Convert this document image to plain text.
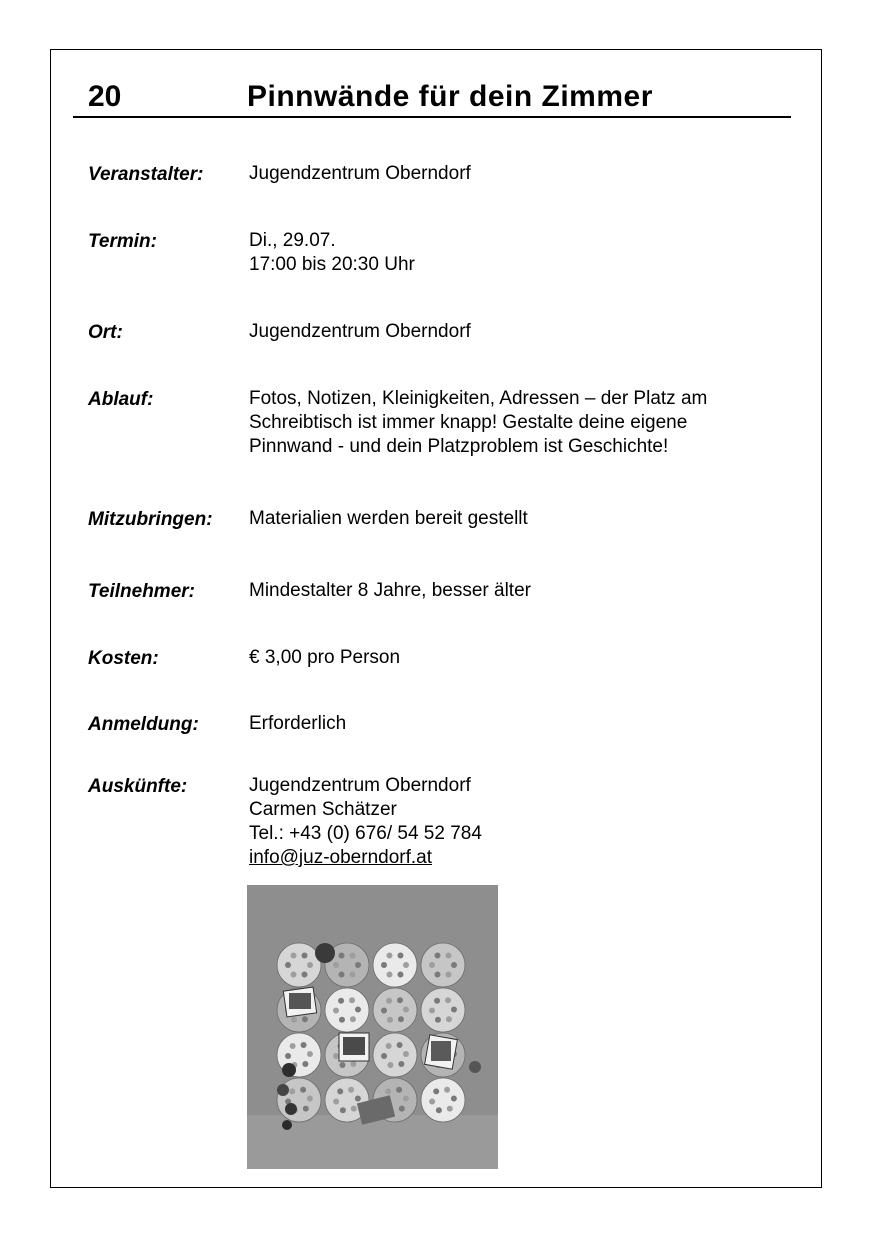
20	Pinnwände für dein Zimmer
Veranstalter: Jugendzentrum Oberndorf
Termin:	Di., 29.07.
17:00 bis 20:30 Uhr
Ort:	Jugendzentrum Oberndorf
Ablauf:	Fotos, Notizen, Kleinigkeiten, Adressen – der Platz am
Schreibtisch ist immer knapp! Gestalte deine eigene
Pinnwand - und dein Platzproblem ist Geschichte!
Mitzubringen: Materialien werden bereit gestellt
Teilnehmer:	Mindestalter 8 Jahre, besser älter
Kosten:	€ 3,00 pro Person
Anmeldung:	Erforderlich
Auskünfte:	Jugendzentrum Oberndorf
Carmen Schätzer
Tel.: +43 (0) 676/ 54 52 784
info@juz-oberndorf.at
